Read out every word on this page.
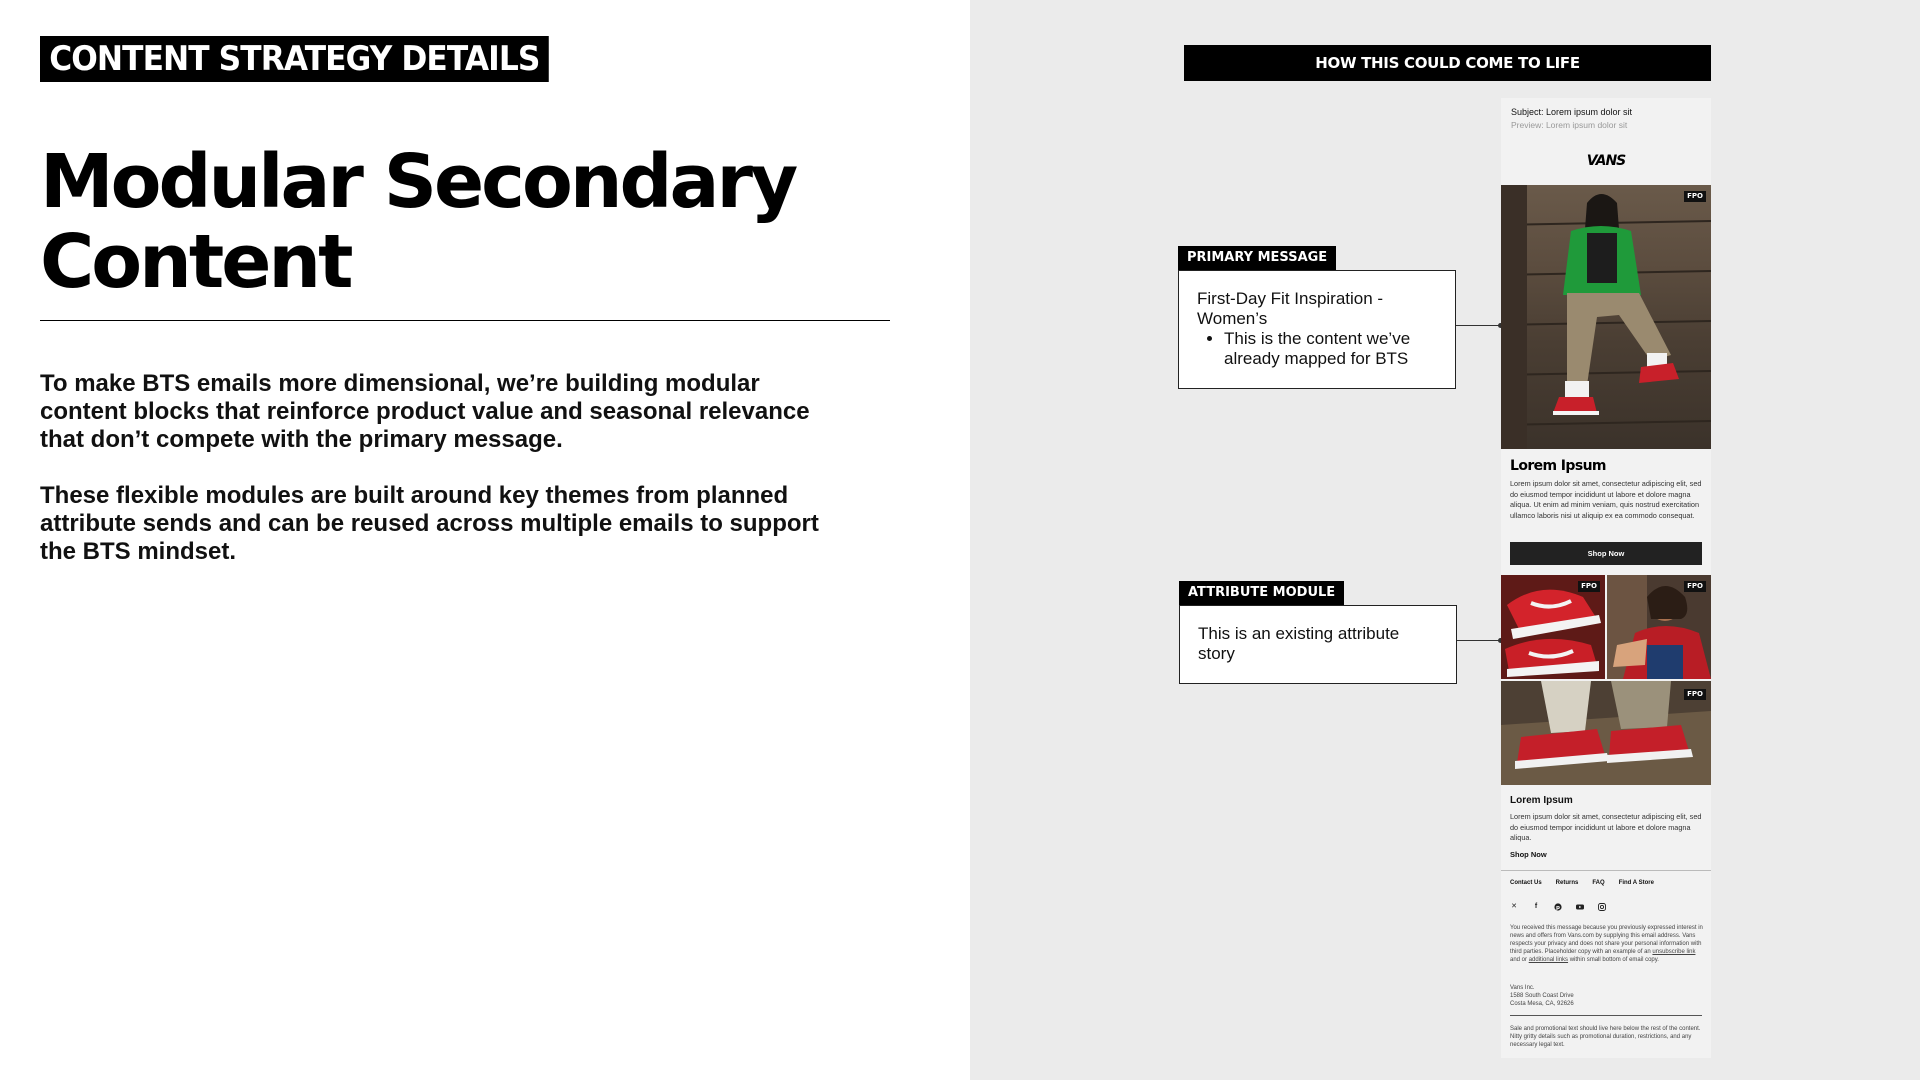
CONTENT STRATEGY DETAILS
Modular Secondary
Content

To make BTS emails more dimensional, we’re building modular content blocks that reinforce product value and seasonal relevance that don’t compete with the primary message.

These flexible modules are built around key themes from planned attribute sends and can be reused across multiple emails to support the BTS mindset.

HOW THIS COULD COME TO LIFE
PRIMARY MESSAGE
First-Day Fit Inspiration - Women’s
• This is the content we’ve already mapped for BTS
ATTRIBUTE MODULE
This is an existing attribute story
Subject: Lorem ipsum dolor sit
Preview: Lorem ipsum dolor sit
VANS
FPO
Lorem Ipsum
Lorem ipsum dolor sit amet, consectetur adipiscing elit, sed do eiusmod tempor incididunt ut labore et dolore magna aliqua. Ut enim ad minim veniam, quis nostrud exercitation ullamco laboris nisi ut aliquip ex ea commodo consequat.
Shop Now
FPO	FPO
FPO
Lorem Ipsum
Lorem ipsum dolor sit amet, consectetur adipiscing elit, sed do eiusmod tempor incididunt ut labore et dolore magna aliqua.
Shop Now
Contact Us Returns FAQ Find A Store
✕	f	p
You received this message because you previously expressed interest in news and offers from Vans.com by supplying this email address. Vans respects your privacy and does not share your personal information with third parties. Placeholder copy with an example of an unsubscribe link and or additional links within small bottom of email copy.
Vans Inc.
1588 South Coast Drive
Costa Mesa, CA, 92626
Sale and promotional text should live here below the rest of the content. Nitty gritty details such as promotional duration, restrictions, and any necessary legal text.
